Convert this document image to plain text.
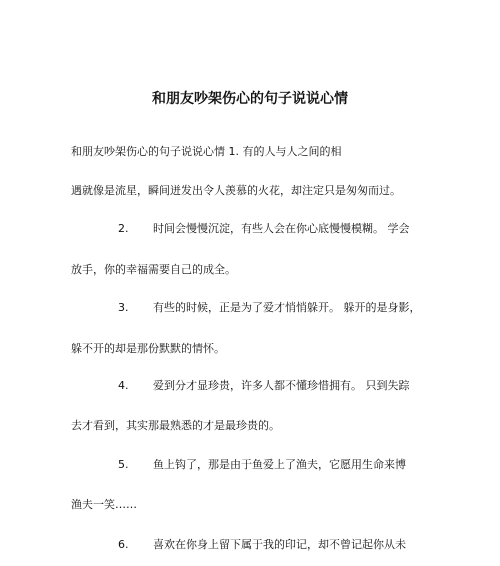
和朋友吵架伤心的句子说说心情
和朋友吵架伤心的句子说说心情 1. 有的人与人之间的相
遇就像是流星，瞬间迸发出令人羡慕的火花，却注定只是匆匆而过。
2. 时间会慢慢沉淀，有些人会在你心底慢慢模糊。 学会
放手，你的幸福需要自己的成全。
3. 有些的时候，正是为了爱才悄悄躲开。 躲开的是身影，
躲不开的却是那份默默的情怀。
4. 爱到分才显珍贵，许多人都不懂珍惜拥有。 只到失踪
去才看到，其实那最熟悉的才是最珍贵的。
5. 鱼上钩了，那是由于鱼爱上了渔夫，它愿用生命来博
渔夫一笑……
6. 喜欢在你身上留下属于我的印记，却不曾记起你从未
